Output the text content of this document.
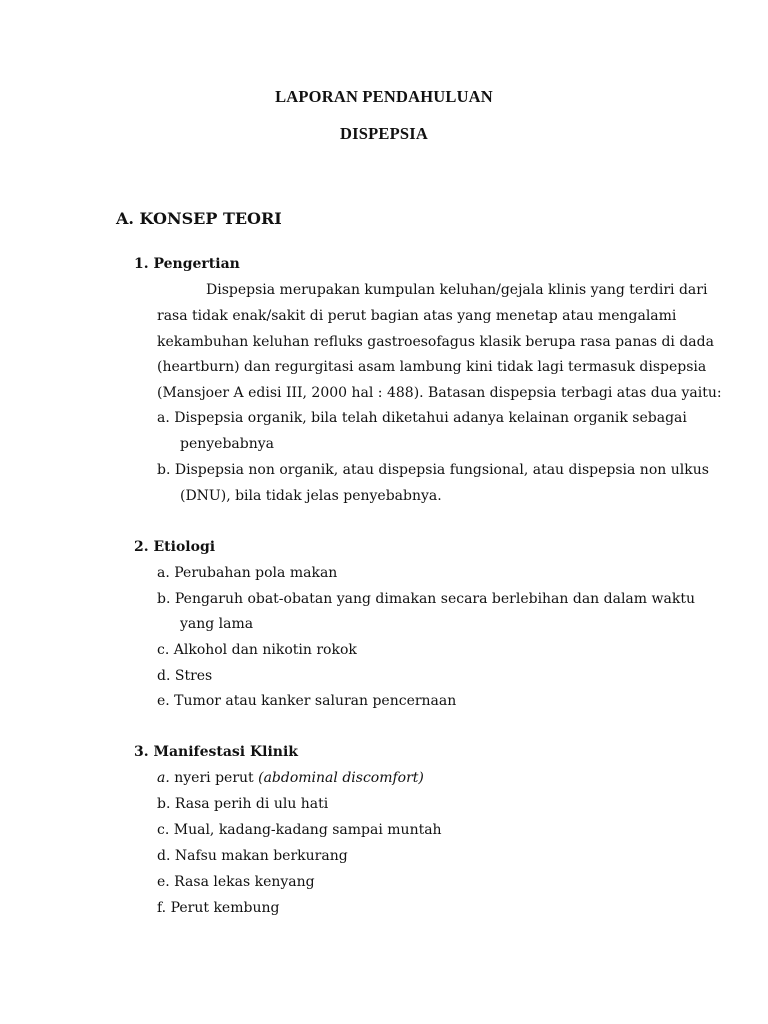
LAPORAN PENDAHULUAN
DISPEPSIA
A. KONSEP TEORI
1. Pengertian
Dispepsia merupakan kumpulan keluhan/gejala klinis yang terdiri dari
rasa tidak enak/sakit di perut bagian atas yang menetap atau mengalami
kekambuhan keluhan refluks gastroesofagus klasik berupa rasa panas di dada
(heartburn) dan regurgitasi asam lambung kini tidak lagi termasuk dispepsia
(Mansjoer A edisi III, 2000 hal : 488). Batasan dispepsia terbagi atas dua yaitu:
a. Dispepsia organik, bila telah diketahui adanya kelainan organik sebagai
penyebabnya
b. Dispepsia non organik, atau dispepsia fungsional, atau dispepsia non ulkus
(DNU), bila tidak jelas penyebabnya.
2. Etiologi
a. Perubahan pola makan
b. Pengaruh obat-obatan yang dimakan secara berlebihan dan dalam waktu
yang lama
c. Alkohol dan nikotin rokok
d. Stres
e. Tumor atau kanker saluran pencernaan
3. Manifestasi Klinik
a. nyeri perut (abdominal discomfort)
b. Rasa perih di ulu hati
c. Mual, kadang-kadang sampai muntah
d. Nafsu makan berkurang
e. Rasa lekas kenyang
f. Perut kembung
